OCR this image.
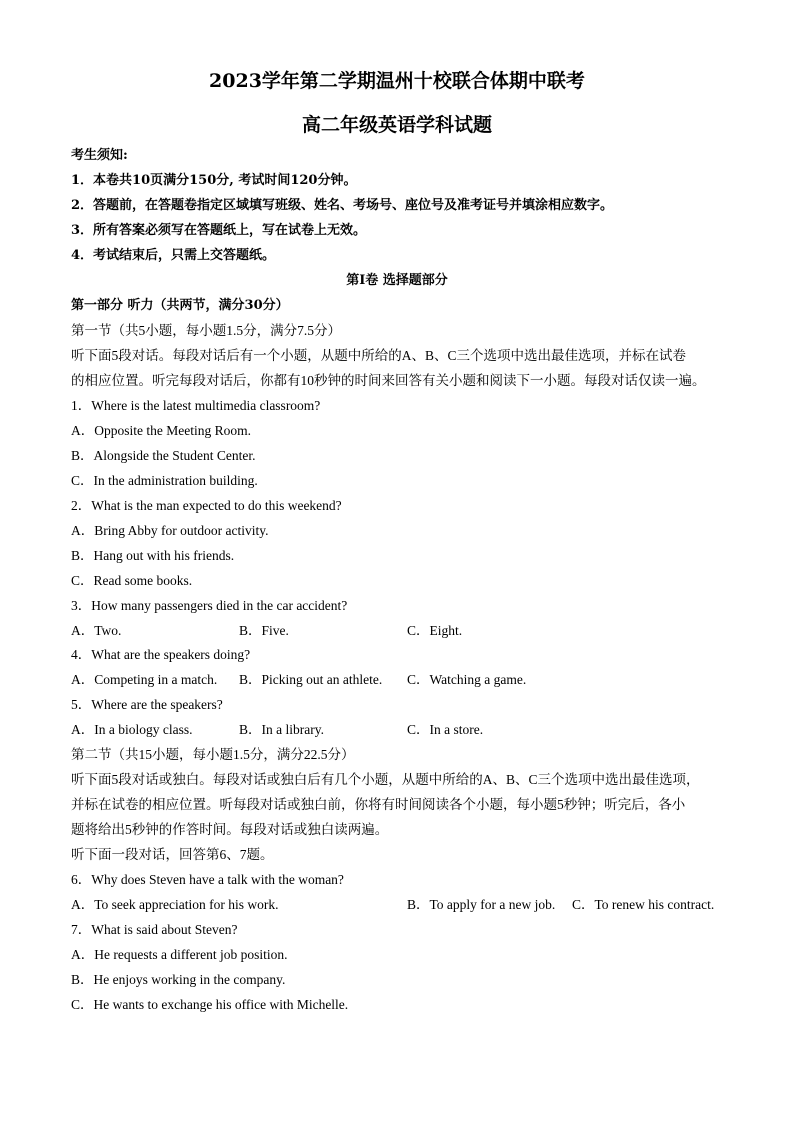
2023学年第二学期温州十校联合体期中联考
高二年级英语学科试题
考生须知:
1．本卷共10页满分150分, 考试时间120分钟。
2．答题前，在答题卷指定区域填写班级、姓名、考场号、座位号及准考证号并填涂相应数字。
3．所有答案必须写在答题纸上，写在试卷上无效。
4．考试结束后，只需上交答题纸。
第Ⅰ卷 选择题部分
第一部分 听力（共两节，满分30分）
第一节（共5小题，每小题1.5分，满分7.5分）
听下面5段对话。每段对话后有一个小题，从题中所给的A、B、C三个选项中选出最佳选项，并标在试卷
的相应位置。听完每段对话后，你都有10秒钟的时间来回答有关小题和阅读下一小题。每段对话仅读一遍。
1．Where is the latest multimedia classroom?
A．Opposite the Meeting Room.
B．Alongside the Student Center.
C．In the administration building.
2．What is the man expected to do this weekend?
A．Bring Abby for outdoor activity.
B．Hang out with his friends.
C．Read some books.
3．How many passengers died in the car accident?
A．Two.	B．Five.	C．Eight.
4．What are the speakers doing?
A．Competing in a match. B．Picking out an athlete. C．Watching a game.
5．Where are the speakers?
A．In a biology class.	B．In a library.	C．In a store.
第二节（共15小题，每小题1.5分，满分22.5分）
听下面5段对话或独白。每段对话或独白后有几个小题，从题中所给的A、B、C三个选项中选出最佳选项，
并标在试卷的相应位置。听每段对话或独白前，你将有时间阅读各个小题，每小题5秒钟；听完后，各小
题将给出5秒钟的作答时间。每段对话或独白读两遍。
听下面一段对话，回答第6、7题。
6．Why does Steven have a talk with the woman?
A．To seek appreciation for his work.	B．To apply for a new job. C．To renew his contract.
7．What is said about Steven?
A．He requests a different job position.
B．He enjoys working in the company.
C．He wants to exchange his office with Michelle.
